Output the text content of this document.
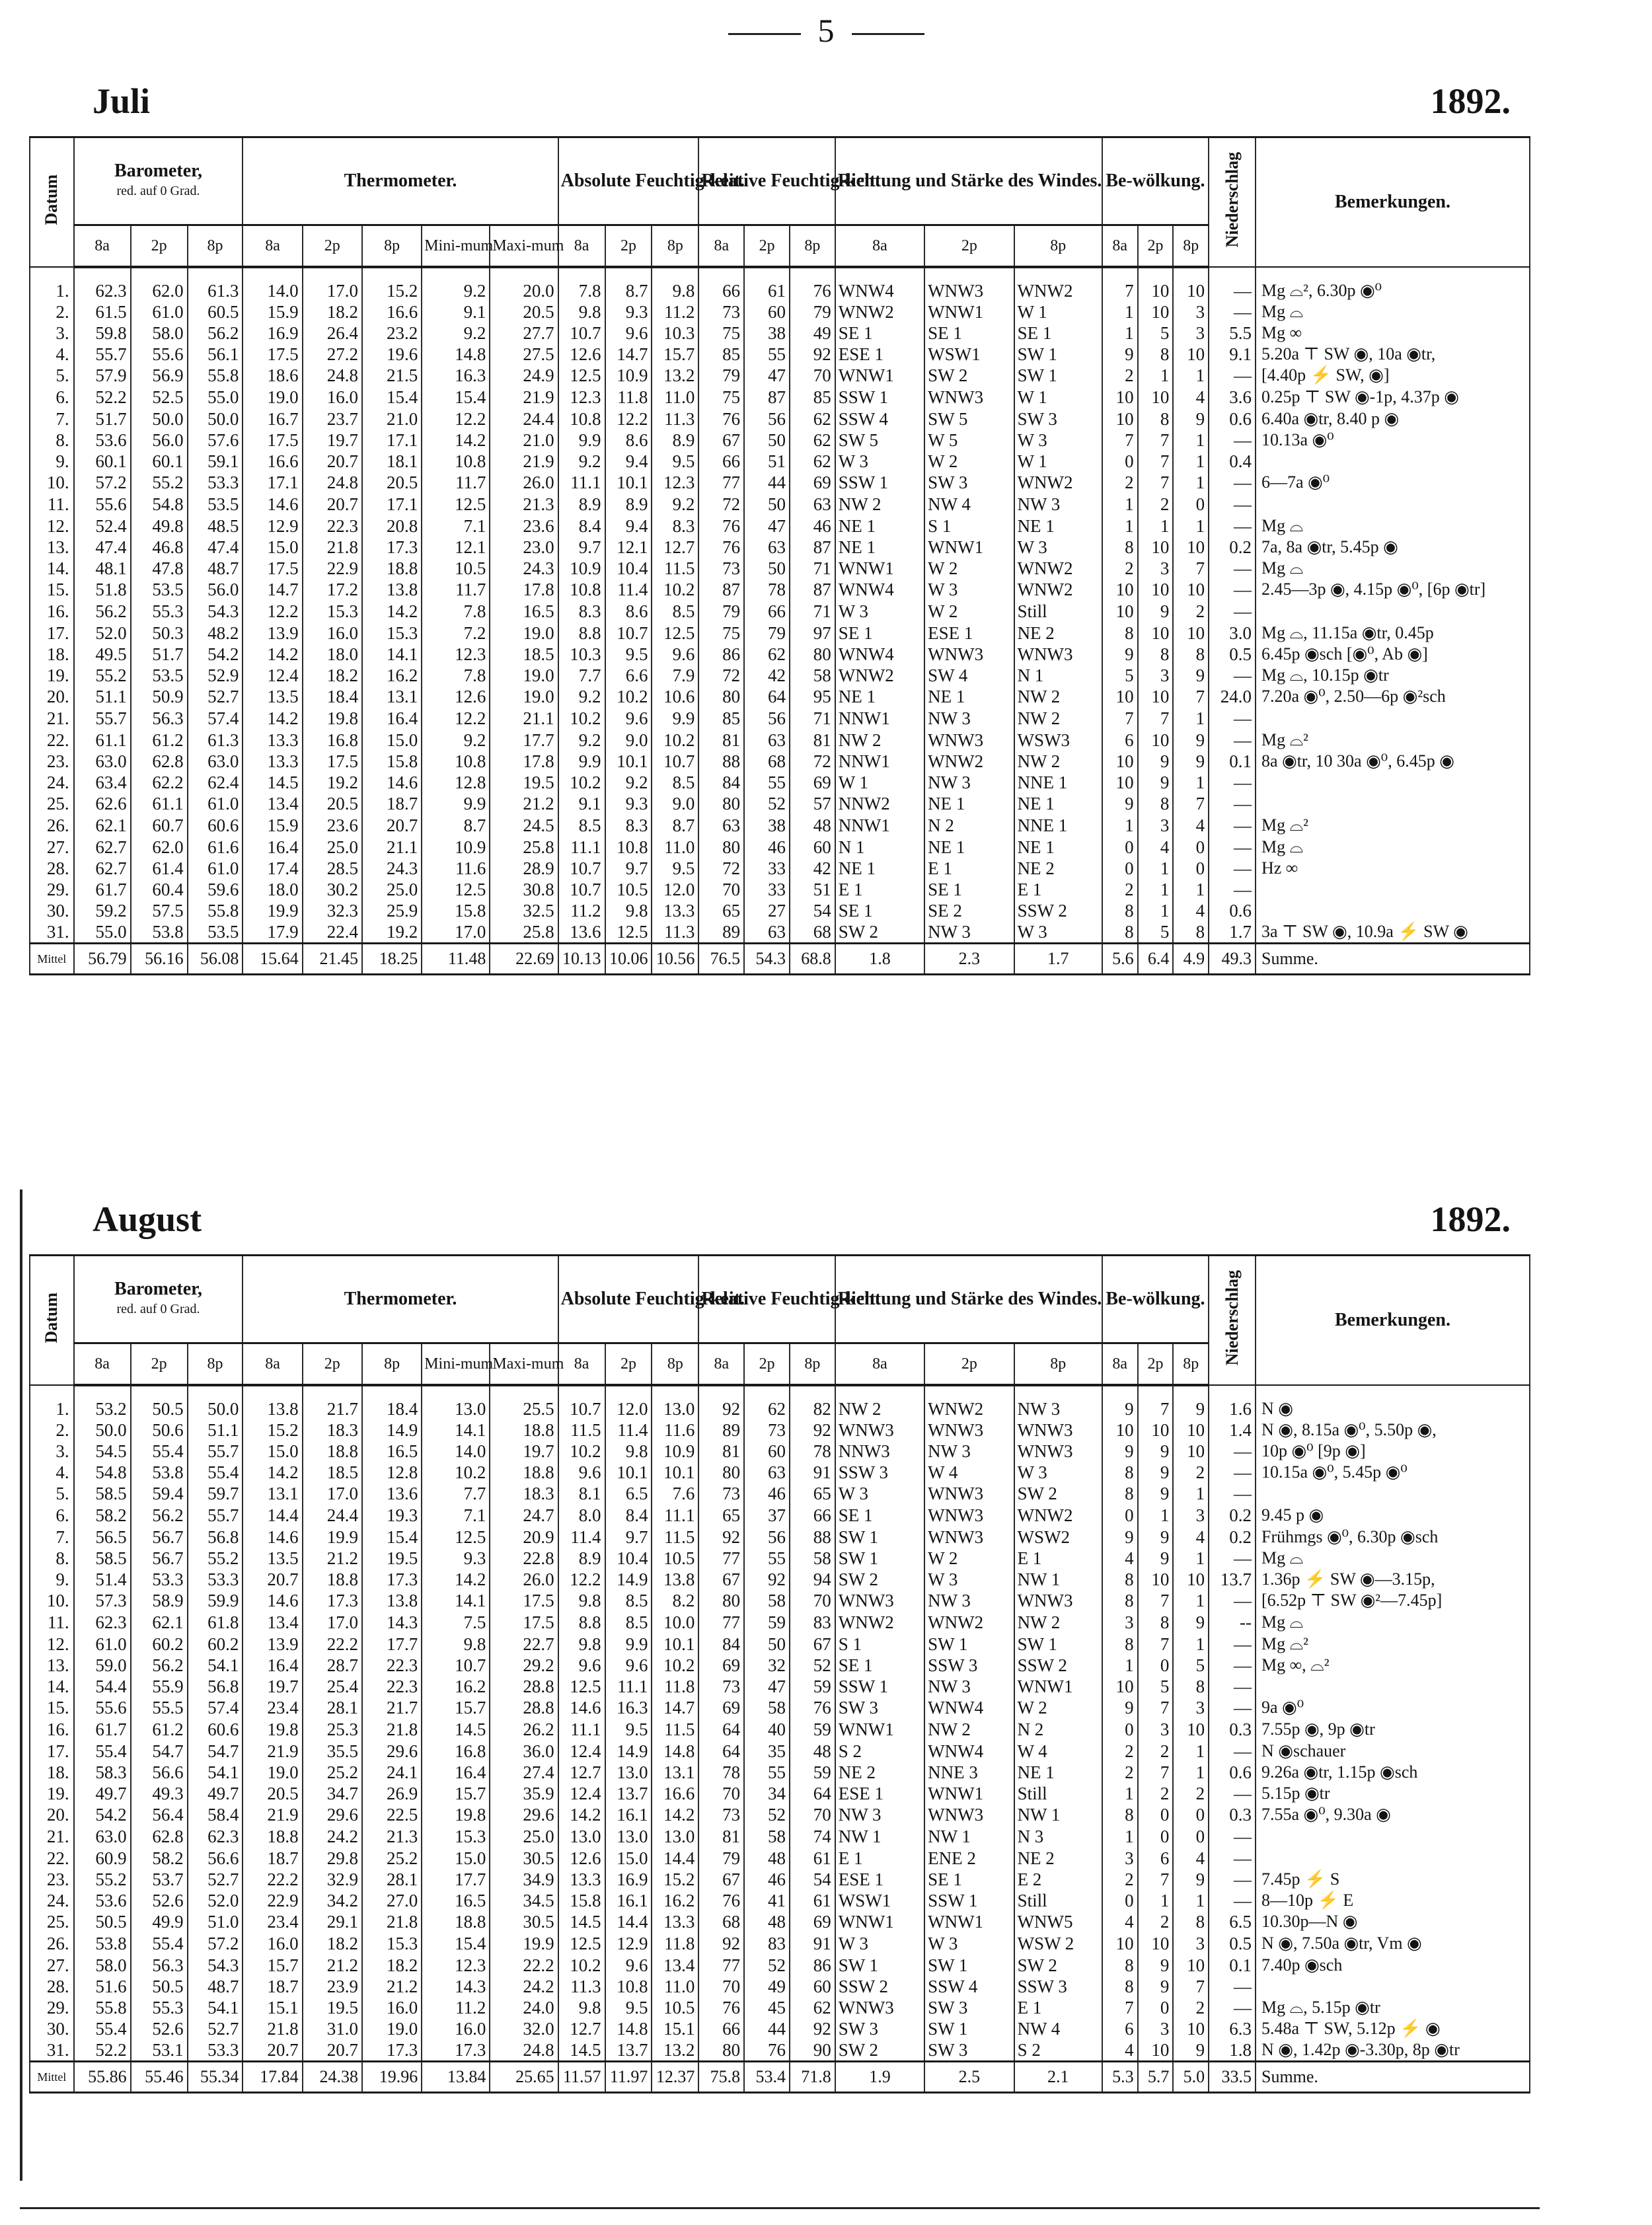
5
Juli	1892.
Datum	Barometer,
red. auf 0 Grad.			Thermometer.					Absolute Feuchtig-keit.			Relative Feuchtig-keit.			Richtung und Stärke des Windes.			Be-wölkung.			Niederschlag	Bemerkungen.
	8a	2p	8p	8a	2p	8p	Mini-mum	Maxi-mum	8a	2p	8p	8a	2p	8p	8a	2p	8p	8a	2p	8p		
1.	62.3	62.0	61.3	14.0	17.0	15.2	9.2	20.0	7.8	8.7	9.8	66	61	76	WNW4	WNW3	WNW2	7	10	10	—	Mg ⌓², 6.30p ◉⁰
2.	61.5	61.0	60.5	15.9	18.2	16.6	9.1	20.5	9.8	9.3	11.2	73	60	79	WNW2	WNW1	W 1	1	10	3	—	Mg ⌓
3.	59.8	58.0	56.2	16.9	26.4	23.2	9.2	27.7	10.7	9.6	10.3	75	38	49	SE 1	SE 1	SE 1	1	5	3	5.5	Mg ∞
4.	55.7	55.6	56.1	17.5	27.2	19.6	14.8	27.5	12.6	14.7	15.7	85	55	92	ESE 1	WSW1	SW 1	9	8	10	9.1	5.20a ⊤ SW ◉, 10a ◉tr,
5.	57.9	56.9	55.8	18.6	24.8	21.5	16.3	24.9	12.5	10.9	13.2	79	47	70	WNW1	SW 2	SW 1	2	1	1	—	[4.40p ⚡ SW, ◉]
6.	52.2	52.5	55.0	19.0	16.0	15.4	15.4	21.9	12.3	11.8	11.0	75	87	85	SSW 1	WNW3	W 1	10	10	4	3.6	0.25p ⊤ SW ◉-1p, 4.37p ◉
7.	51.7	50.0	50.0	16.7	23.7	21.0	12.2	24.4	10.8	12.2	11.3	76	56	62	SSW 4	SW 5	SW 3	10	8	9	0.6	6.40a ◉tr, 8.40 p ◉
8.	53.6	56.0	57.6	17.5	19.7	17.1	14.2	21.0	9.9	8.6	8.9	67	50	62	SW 5	W 5	W 3	7	7	1	—	10.13a ◉⁰
9.	60.1	60.1	59.1	16.6	20.7	18.1	10.8	21.9	9.2	9.4	9.5	66	51	62	W 3	W 2	W 1	0	7	1	0.4	
10.	57.2	55.2	53.3	17.1	24.8	20.5	11.7	26.0	11.1	10.1	12.3	77	44	69	SSW 1	SW 3	WNW2	2	7	1	—	6—7a ◉⁰
11.	55.6	54.8	53.5	14.6	20.7	17.1	12.5	21.3	8.9	8.9	9.2	72	50	63	NW 2	NW 4	NW 3	1	2	0	—	
12.	52.4	49.8	48.5	12.9	22.3	20.8	7.1	23.6	8.4	9.4	8.3	76	47	46	NE 1	S 1	NE 1	1	1	1	—	Mg ⌓
13.	47.4	46.8	47.4	15.0	21.8	17.3	12.1	23.0	9.7	12.1	12.7	76	63	87	NE 1	WNW1	W 3	8	10	10	0.2	7a, 8a ◉tr, 5.45p ◉
14.	48.1	47.8	48.7	17.5	22.9	18.8	10.5	24.3	10.9	10.4	11.5	73	50	71	WNW1	W 2	WNW2	2	3	7	—	Mg ⌓
15.	51.8	53.5	56.0	14.7	17.2	13.8	11.7	17.8	10.8	11.4	10.2	87	78	87	WNW4	W 3	WNW2	10	10	10	—	2.45—3p ◉, 4.15p ◉⁰, [6p ◉tr]
16.	56.2	55.3	54.3	12.2	15.3	14.2	7.8	16.5	8.3	8.6	8.5	79	66	71	W 3	W 2	Still	10	9	2	—	
17.	52.0	50.3	48.2	13.9	16.0	15.3	7.2	19.0	8.8	10.7	12.5	75	79	97	SE 1	ESE 1	NE 2	8	10	10	3.0	Mg ⌓, 11.15a ◉tr, 0.45p
18.	49.5	51.7	54.2	14.2	18.0	14.1	12.3	18.5	10.3	9.5	9.6	86	62	80	WNW4	WNW3	WNW3	9	8	8	0.5	6.45p ◉sch [◉⁰, Ab ◉]
19.	55.2	53.5	52.9	12.4	18.2	16.2	7.8	19.0	7.7	6.6	7.9	72	42	58	WNW2	SW 4	N 1	5	3	9	—	Mg ⌓, 10.15p ◉tr
20.	51.1	50.9	52.7	13.5	18.4	13.1	12.6	19.0	9.2	10.2	10.6	80	64	95	NE 1	NE 1	NW 2	10	10	7	24.0	7.20a ◉⁰, 2.50—6p ◉²sch
21.	55.7	56.3	57.4	14.2	19.8	16.4	12.2	21.1	10.2	9.6	9.9	85	56	71	NNW1	NW 3	NW 2	7	7	1	—	
22.	61.1	61.2	61.3	13.3	16.8	15.0	9.2	17.7	9.2	9.0	10.2	81	63	81	NW 2	WNW3	WSW3	6	10	9	—	Mg ⌓²
23.	63.0	62.8	63.0	13.3	17.5	15.8	10.8	17.8	9.9	10.1	10.7	88	68	72	NNW1	WNW2	NW 2	10	9	9	0.1	8a ◉tr, 10 30a ◉⁰, 6.45p ◉
24.	63.4	62.2	62.4	14.5	19.2	14.6	12.8	19.5	10.2	9.2	8.5	84	55	69	W 1	NW 3	NNE 1	10	9	1	—	
25.	62.6	61.1	61.0	13.4	20.5	18.7	9.9	21.2	9.1	9.3	9.0	80	52	57	NNW2	NE 1	NE 1	9	8	7	—	
26.	62.1	60.7	60.6	15.9	23.6	20.7	8.7	24.5	8.5	8.3	8.7	63	38	48	NNW1	N 2	NNE 1	1	3	4	—	Mg ⌓²
27.	62.7	62.0	61.6	16.4	25.0	21.1	10.9	25.8	11.1	10.8	11.0	80	46	60	N 1	NE 1	NE 1	0	4	0	—	Mg ⌓
28.	62.7	61.4	61.0	17.4	28.5	24.3	11.6	28.9	10.7	9.7	9.5	72	33	42	NE 1	E 1	NE 2	0	1	0	—	Hz ∞
29.	61.7	60.4	59.6	18.0	30.2	25.0	12.5	30.8	10.7	10.5	12.0	70	33	51	E 1	SE 1	E 1	2	1	1	—	
30.	59.2	57.5	55.8	19.9	32.3	25.9	15.8	32.5	11.2	9.8	13.3	65	27	54	SE 1	SE 2	SSW 2	8	1	4	0.6	
31.	55.0	53.8	53.5	17.9	22.4	19.2	17.0	25.8	13.6	12.5	11.3	89	63	68	SW 2	NW 3	W 3	8	5	8	1.7	3a ⊤ SW ◉, 10.9a ⚡ SW ◉
Mittel	56.79	56.16	56.08	15.64	21.45	18.25	11.48	22.69	10.13	10.06	10.56	76.5	54.3	68.8	1.8	2.3	1.7	5.6	6.4	4.9	49.3	Summe.
August	1892.
Datum	Barometer,
red. auf 0 Grad.			Thermometer.					Absolute Feuchtig-keit.			Relative Feuchtig-keit.			Richtung und Stärke des Windes.			Be-wölkung.			Niederschlag	Bemerkungen.
	8a	2p	8p	8a	2p	8p	Mini-mum	Maxi-mum	8a	2p	8p	8a	2p	8p	8a	2p	8p	8a	2p	8p		
1.	53.2	50.5	50.0	13.8	21.7	18.4	13.0	25.5	10.7	12.0	13.0	92	62	82	NW 2	WNW2	NW 3	9	7	9	1.6	N ◉
2.	50.0	50.6	51.1	15.2	18.3	14.9	14.1	18.8	11.5	11.4	11.6	89	73	92	WNW3	WNW3	WNW3	10	10	10	1.4	N ◉, 8.15a ◉⁰, 5.50p ◉,
3.	54.5	55.4	55.7	15.0	18.8	16.5	14.0	19.7	10.2	9.8	10.9	81	60	78	NNW3	NW 3	WNW3	9	9	10	—	10p ◉⁰ [9p ◉]
4.	54.8	53.8	55.4	14.2	18.5	12.8	10.2	18.8	9.6	10.1	10.1	80	63	91	SSW 3	W 4	W 3	8	9	2	—	10.15a ◉⁰, 5.45p ◉⁰
5.	58.5	59.4	59.7	13.1	17.0	13.6	7.7	18.3	8.1	6.5	7.6	73	46	65	W 3	WNW3	SW 2	8	9	1	—	
6.	58.2	56.2	55.7	14.4	24.4	19.3	7.1	24.7	8.0	8.4	11.1	65	37	66	SE 1	WNW3	WNW2	0	1	3	0.2	9.45 p ◉
7.	56.5	56.7	56.8	14.6	19.9	15.4	12.5	20.9	11.4	9.7	11.5	92	56	88	SW 1	WNW3	WSW2	9	9	4	0.2	Frühmgs ◉⁰, 6.30p ◉sch
8.	58.5	56.7	55.2	13.5	21.2	19.5	9.3	22.8	8.9	10.4	10.5	77	55	58	SW 1	W 2	E 1	4	9	1	—	Mg ⌓
9.	51.4	53.3	53.3	20.7	18.8	17.3	14.2	26.0	12.2	14.9	13.8	67	92	94	SW 2	W 3	NW 1	8	10	10	13.7	1.36p ⚡ SW ◉—3.15p,
10.	57.3	58.9	59.9	14.6	17.3	13.8	14.1	17.5	9.8	8.5	8.2	80	58	70	WNW3	NW 3	WNW3	8	7	1	—	[6.52p ⊤ SW ◉²—7.45p]
11.	62.3	62.1	61.8	13.4	17.0	14.3	7.5	17.5	8.8	8.5	10.0	77	59	83	WNW2	WNW2	NW 2	3	8	9	--	Mg ⌓
12.	61.0	60.2	60.2	13.9	22.2	17.7	9.8	22.7	9.8	9.9	10.1	84	50	67	S 1	SW 1	SW 1	8	7	1	—	Mg ⌓²
13.	59.0	56.2	54.1	16.4	28.7	22.3	10.7	29.2	9.6	9.6	10.2	69	32	52	SE 1	SSW 3	SSW 2	1	0	5	—	Mg ∞, ⌓²
14.	54.4	55.9	56.8	19.7	25.4	22.3	16.2	28.8	12.5	11.1	11.8	73	47	59	SSW 1	NW 3	WNW1	10	5	8	—	
15.	55.6	55.5	57.4	23.4	28.1	21.7	15.7	28.8	14.6	16.3	14.7	69	58	76	SW 3	WNW4	W 2	9	7	3	—	9a ◉⁰
16.	61.7	61.2	60.6	19.8	25.3	21.8	14.5	26.2	11.1	9.5	11.5	64	40	59	WNW1	NW 2	N 2	0	3	10	0.3	7.55p ◉, 9p ◉tr
17.	55.4	54.7	54.7	21.9	35.5	29.6	16.8	36.0	12.4	14.9	14.8	64	35	48	S 2	WNW4	W 4	2	2	1	—	N ◉schauer
18.	58.3	56.6	54.1	19.0	25.2	24.1	16.4	27.4	12.7	13.0	13.1	78	55	59	NE 2	NNE 3	NE 1	2	7	1	0.6	9.26a ◉tr, 1.15p ◉sch
19.	49.7	49.3	49.7	20.5	34.7	26.9	15.7	35.9	12.4	13.7	16.6	70	34	64	ESE 1	WNW1	Still	1	2	2	—	5.15p ◉tr
20.	54.2	56.4	58.4	21.9	29.6	22.5	19.8	29.6	14.2	16.1	14.2	73	52	70	NW 3	WNW3	NW 1	8	0	0	0.3	7.55a ◉⁰, 9.30a ◉
21.	63.0	62.8	62.3	18.8	24.2	21.3	15.3	25.0	13.0	13.0	13.0	81	58	74	NW 1	NW 1	N 3	1	0	0	—	
22.	60.9	58.2	56.6	18.7	29.8	25.2	15.0	30.5	12.6	15.0	14.4	79	48	61	E 1	ENE 2	NE 2	3	6	4	—	
23.	55.2	53.7	52.7	22.2	32.9	28.1	17.7	34.9	13.3	16.9	15.2	67	46	54	ESE 1	SE 1	E 2	2	7	9	—	7.45p ⚡ S
24.	53.6	52.6	52.0	22.9	34.2	27.0	16.5	34.5	15.8	16.1	16.2	76	41	61	WSW1	SSW 1	Still	0	1	1	—	8—10p ⚡ E
25.	50.5	49.9	51.0	23.4	29.1	21.8	18.8	30.5	14.5	14.4	13.3	68	48	69	WNW1	WNW1	WNW5	4	2	8	6.5	10.30p—N ◉
26.	53.8	55.4	57.2	16.0	18.2	15.3	15.4	19.9	12.5	12.9	11.8	92	83	91	W 3	W 3	WSW 2	10	10	3	0.5	N ◉, 7.50a ◉tr, Vm ◉
27.	58.0	56.3	54.3	15.7	21.2	18.2	12.3	22.2	10.2	9.6	13.4	77	52	86	SW 1	SW 1	SW 2	8	9	10	0.1	7.40p ◉sch
28.	51.6	50.5	48.7	18.7	23.9	21.2	14.3	24.2	11.3	10.8	11.0	70	49	60	SSW 2	SSW 4	SSW 3	8	9	7	—	
29.	55.8	55.3	54.1	15.1	19.5	16.0	11.2	24.0	9.8	9.5	10.5	76	45	62	WNW3	SW 3	E 1	7	0	2	—	Mg ⌓, 5.15p ◉tr
30.	55.4	52.6	52.7	21.8	31.0	19.0	16.0	32.0	12.7	14.8	15.1	66	44	92	SW 3	SW 1	NW 4	6	3	10	6.3	5.48a ⊤ SW, 5.12p ⚡ ◉
31.	52.2	53.1	53.3	20.7	20.7	17.3	17.3	24.8	14.5	13.7	13.2	80	76	90	SW 2	SW 3	S 2	4	10	9	1.8	N ◉, 1.42p ◉-3.30p, 8p ◉tr
Mittel	55.86	55.46	55.34	17.84	24.38	19.96	13.84	25.65	11.57	11.97	12.37	75.8	53.4	71.8	1.9	2.5	2.1	5.3	5.7	5.0	33.5	Summe.
